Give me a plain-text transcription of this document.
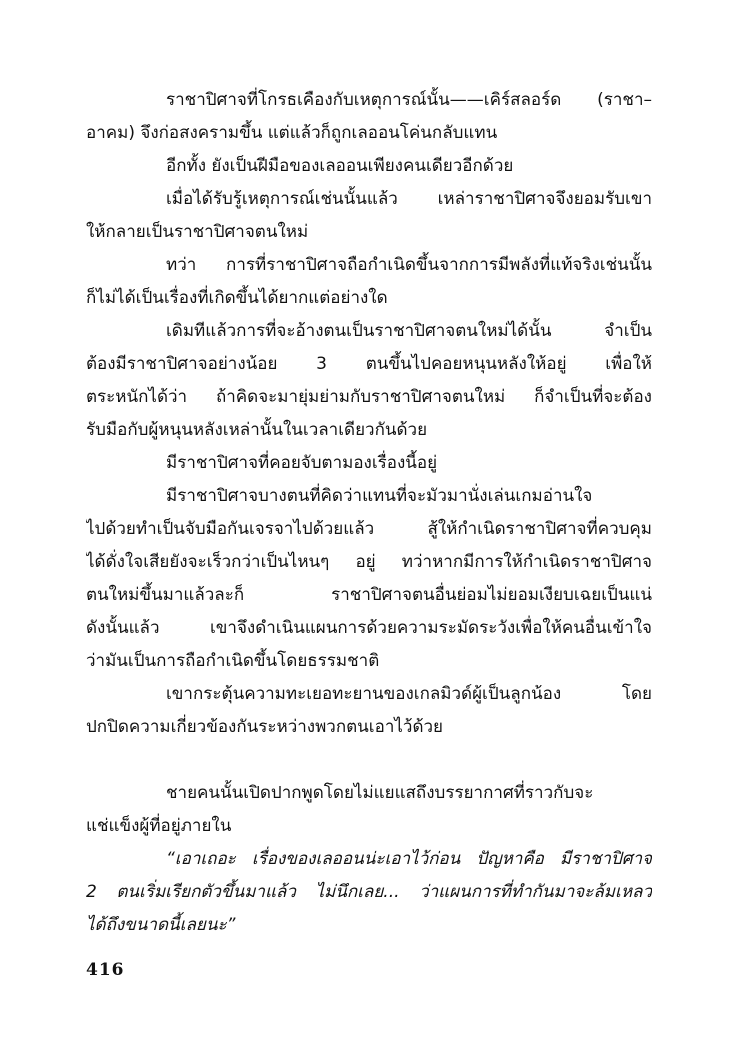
ราชาปิศาจที่โกรธเคืองกับเหตุการณ์นั้น——เคิร์สลอร์ด (ราชา–
อาคม) จึงก่อสงครามขึ้น แต่แล้วก็ถูกเลออนโค่นกลับแทน
อีกทั้ง ยังเป็นฝีมือของเลออนเพียงคนเดียวอีกด้วย
เมื่อได้รับรู้เหตุการณ์เช่นนั้นแล้ว เหล่าราชาปิศาจจึงยอมรับเขา
ให้กลายเป็นราชาปิศาจตนใหม่
ทว่า การที่ราชาปิศาจถือกำเนิดขึ้นจากการมีพลังที่แท้จริงเช่นนั้น
ก็ไม่ได้เป็นเรื่องที่เกิดขึ้นได้ยากแต่อย่างใด
เดิมทีแล้วการที่จะอ้างตนเป็นราชาปิศาจตนใหม่ได้นั้น จำเป็น
ต้องมีราชาปิศาจอย่างน้อย 3 ตนขึ้นไปคอยหนุนหลังให้อยู่ เพื่อให้
ตระหนักได้ว่า ถ้าคิดจะมายุ่มย่ามกับราชาปิศาจตนใหม่ ก็จำเป็นที่จะต้อง
รับมือกับผู้หนุนหลังเหล่านั้นในเวลาเดียวกันด้วย
มีราชาปิศาจที่คอยจับตามองเรื่องนี้อยู่
มีราชาปิศาจบางตนที่คิดว่าแทนที่จะมัวมานั่งเล่นเกมอ่านใจ
ไปด้วยทำเป็นจับมือกันเจรจาไปด้วยแล้ว สู้ให้กำเนิดราชาปิศาจที่ควบคุม
ได้ดั่งใจเสียยังจะเร็วกว่าเป็นไหนๆ อยู่ ทว่าหากมีการให้กำเนิดราชาปิศาจ
ตนใหม่ขึ้นมาแล้วละก็ ราชาปิศาจตนอื่นย่อมไม่ยอมเงียบเฉยเป็นแน่
ดังนั้นแล้ว เขาจึงดำเนินแผนการด้วยความระมัดระวังเพื่อให้คนอื่นเข้าใจ
ว่ามันเป็นการถือกำเนิดขึ้นโดยธรรมชาติ
เขากระตุ้นความทะเยอทะยานของเกลมิวด์ผู้เป็นลูกน้อง โดย
ปกปิดความเกี่ยวข้องกันระหว่างพวกตนเอาไว้ด้วย
ชายคนนั้นเปิดปากพูดโดยไม่แยแสถึงบรรยากาศที่ราวกับจะ
แช่แข็งผู้ที่อยู่ภายใน
“เอาเถอะ เรื่องของเลออนน่ะเอาไว้ก่อน ปัญหาคือ มีราชาปิศาจ
2 ตนเริ่มเรียกตัวขึ้นมาแล้ว ไม่นึกเลย... ว่าแผนการที่ทำกันมาจะล้มเหลว
ได้ถึงขนาดนี้เลยนะ”
416
